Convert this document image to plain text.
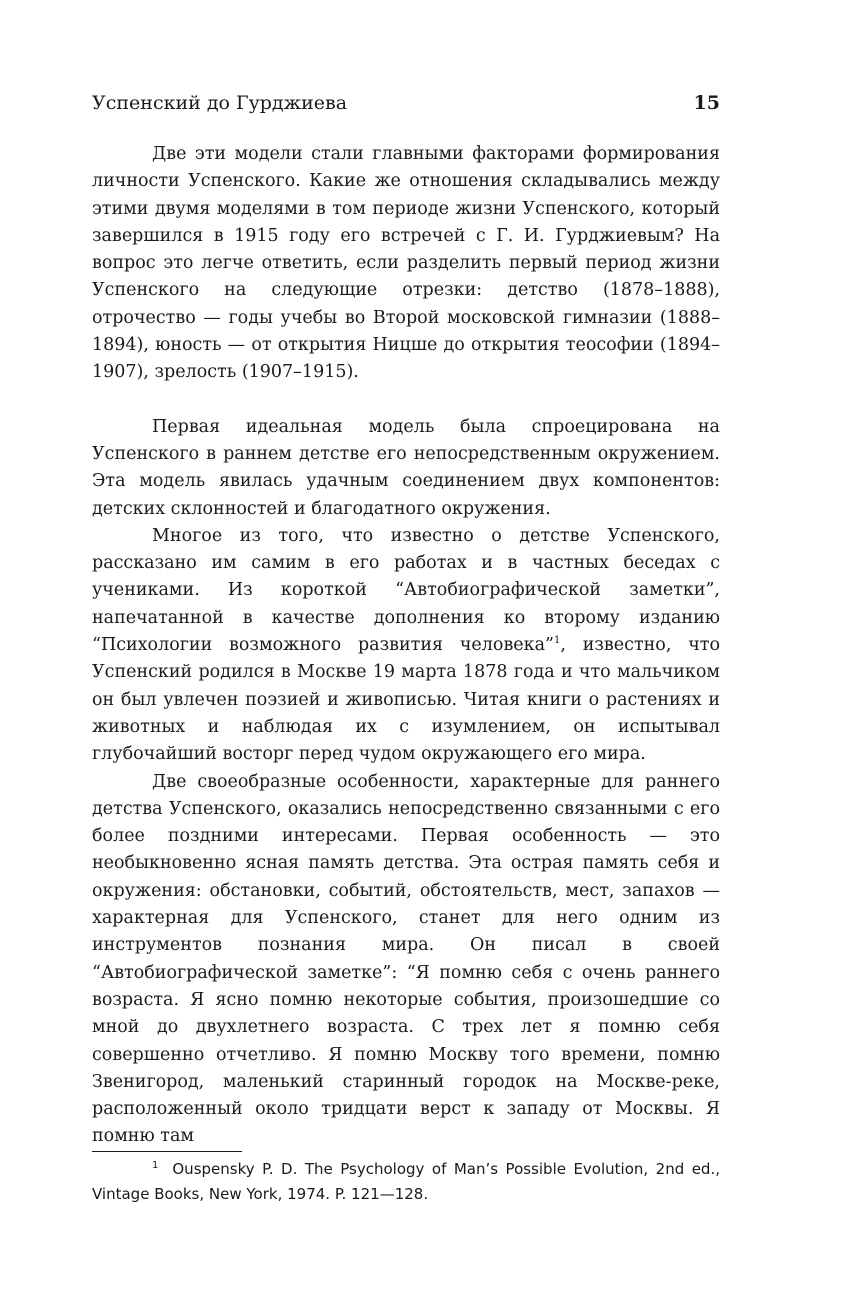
Успенский до Гурджиева	15

Две эти модели стали главными факторами формирования личности Успенского. Какие же отношения складывались между этими двумя моделями в том периоде жизни Успенского, который завершился в 1915 году его встречей с Г. И. Гурджиевым? На вопрос это легче ответить, если разделить первый период жизни Успенского на следующие отрезки: детство (1878–1888), отрочество — годы учебы во Второй московской гимназии (1888–1894), юность — от открытия Ницше до открытия теософии (1894–1907), зрелость (1907–1915).

Первая идеальная модель была спроецирована на Успенского в раннем детстве его непосредственным окружением. Эта модель явилась удачным соединением двух компонентов: детских склонностей и благодатного окружения.

Многое из того, что известно о детстве Успенского, рассказано им самим в его работах и в частных беседах с учениками. Из короткой “Автобиографической заметки”, напечатанной в качестве дополнения ко второму изданию “Психологии возможного развития человека”$^1$, известно, что Успенский родился в Москве 19 марта 1878 года и что мальчиком он был увлечен поэзией и живописью. Читая книги о растениях и животных и наблюдая их с изумлением, он испытывал глубочайший восторг перед чудом окружающего его мира.

Две своеобразные особенности, характерные для раннего детства Успенского, оказались непосредственно связанными с его более поздними интересами. Первая особенность — это необыкновенно ясная память детства. Эта острая память себя и окружения: обстановки, событий, обстоятельств, мест, запахов — характерная для Успенского, станет для него одним из инструментов познания мира. Он писал в своей “Автобиографической заметке”: “Я помню себя с очень раннего возраста. Я ясно помню некоторые события, произошедшие со мной до двухлетнего возраста. С трех лет я помню себя совершенно отчетливо. Я помню Москву того времени, помню Звенигород, маленький старинный городок на Москве-реке, расположенный около тридцати верст к западу от Москвы. Я помню там

$^1$ Ouspensky P. D. The Psychology of Man’s Possible Evolution, 2nd ed., Vintage Books, New York, 1974. P. 121—128.
